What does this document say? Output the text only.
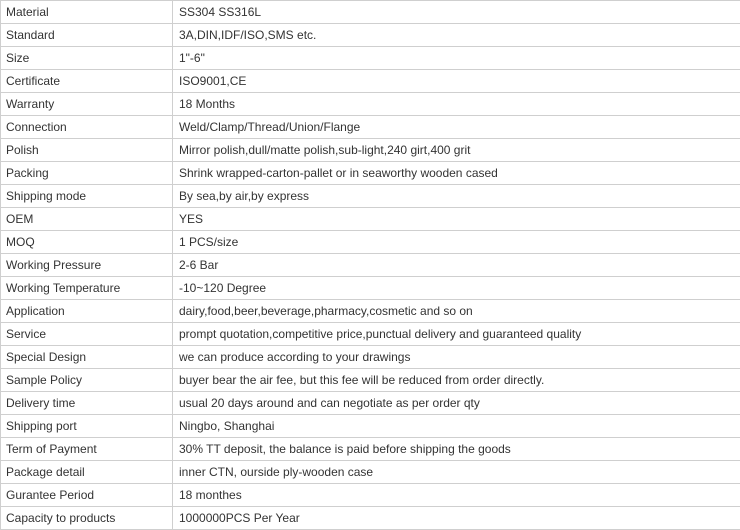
Material	SS304 SS316L
Standard	3A,DIN,IDF/ISO,SMS etc.
Size	1"-6"
Certificate	ISO9001,CE
Warranty	18 Months
Connection	Weld/Clamp/Thread/Union/Flange
Polish	Mirror polish,dull/matte polish,sub-light,240 girt,400 grit
Packing	Shrink wrapped-carton-pallet or in seaworthy wooden cased
Shipping mode	By sea,by air,by express
OEM	YES
MOQ	1 PCS/size
Working Pressure	2-6 Bar
Working Temperature	-10~120 Degree
Application	dairy,food,beer,beverage,pharmacy,cosmetic and so on
Service	prompt quotation,competitive price,punctual delivery and guaranteed quality
Special Design	we can produce according to your drawings
Sample Policy	buyer bear the air fee, but this fee will be reduced from order directly.
Delivery time	usual 20 days around and can negotiate as per order qty
Shipping port	Ningbo, Shanghai
Term of Payment	30% TT deposit, the balance is paid before shipping the goods
Package detail	inner CTN, ourside ply-wooden case
Gurantee Period	18 monthes
Capacity to products	1000000PCS Per Year
